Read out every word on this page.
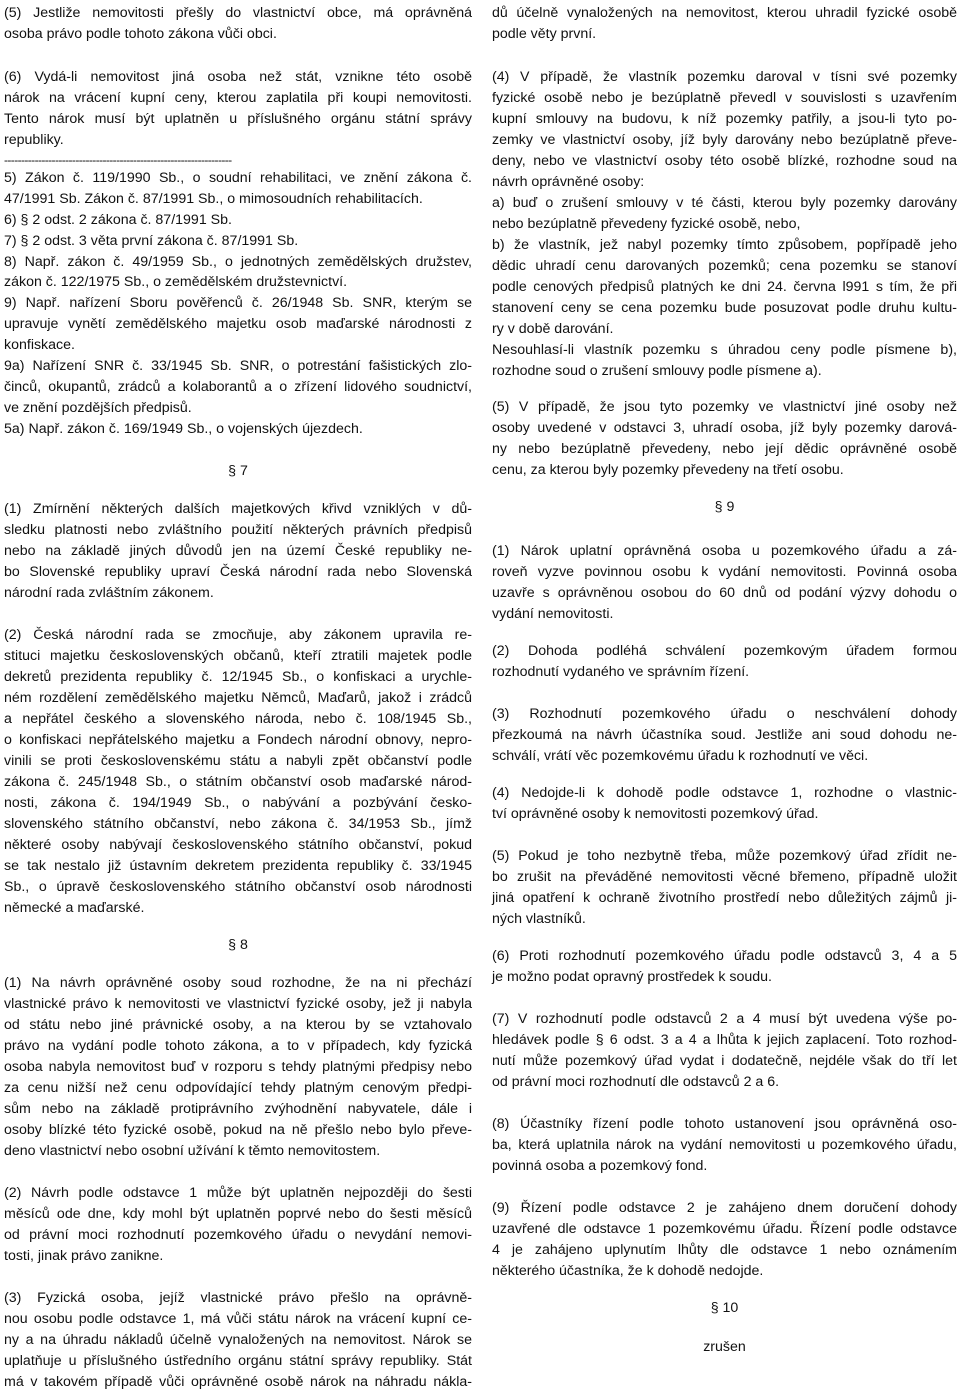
(5) Jestliže nemovitosti přešly do vlastnictví obce, má oprávněná
osoba právo podle tohoto zákona vůči obci.
(6) Vydá-li nemovitost jiná osoba než stát, vznikne této osobě
nárok na vrácení kupní ceny, kterou zaplatila při koupi nemovitosti.
Tento nárok musí být uplatněn u příslušného orgánu státní správy
republiky.
-------------------------------------------------------------------
5) Zákon č. 119/1990 Sb., o soudní rehabilitaci, ve znění zákona č.
47/1991 Sb. Zákon č. 87/1991 Sb., o mimosoudních rehabilitacích.
6) § 2 odst. 2 zákona č. 87/1991 Sb.
7) § 2 odst. 3 věta první zákona č. 87/1991 Sb.
8) Např. zákon č. 49/1959 Sb., o jednotných zemědělských družstev,
zákon č. 122/1975 Sb., o zemědělském družstevnictví.
9) Např. nařízení Sboru pověřenců č. 26/1948 Sb. SNR, kterým se
upravuje vynětí zemědělského majetku osob maďarské národnosti z
konfiskace.
9a) Nařízení SNR č. 33/1945 Sb. SNR, o potrestání fašistických zlo-
činců, okupantů, zrádců a kolaborantů a o zřízení lidového soudnictví,
ve znění pozdějších předpisů.
5a) Např. zákon č. 169/1949 Sb., o vojenských újezdech.
§ 7
(1) Zmírnění některých dalších majetkových křivd vzniklých v dů-
sledku platnosti nebo zvláštního použití některých právních předpisů
nebo na základě jiných důvodů jen na území České republiky ne-
bo Slovenské republiky upraví Česká národní rada nebo Slovenská
národní rada zvláštním zákonem.
(2) Česká národní rada se zmocňuje, aby zákonem upravila re-
stituci majetku československých občanů, kteří ztratili majetek podle
dekretů prezidenta republiky č. 12/1945 Sb., o konfiskaci a urychle-
ném rozdělení zemědělského majetku Němců, Maďarů, jakož i zrádců
a nepřátel českého a slovenského národa, nebo č. 108/1945 Sb.,
o konfiskaci nepřátelského majetku a Fondech národní obnovy, nepro-
vinili se proti československému státu a nabyli zpět občanství podle
zákona č. 245/1948 Sb., o státním občanství osob maďarské národ-
nosti, zákona č. 194/1949 Sb., o nabývání a pozbývání česko-
slovenského státního občanství, nebo zákona č. 34/1953 Sb., jímž
některé osoby nabývají československého státního občanství, pokud
se tak nestalo již ústavním dekretem prezidenta republiky č. 33/1945
Sb., o úpravě československého státního občanství osob národnosti
německé a maďarské.
§ 8
(1) Na návrh oprávněné osoby soud rozhodne, že na ni přechází
vlastnické právo k nemovitosti ve vlastnictví fyzické osoby, jež ji nabyla
od státu nebo jiné právnické osoby, a na kterou by se vztahovalo
právo na vydání podle tohoto zákona, a to v případech, kdy fyzická
osoba nabyla nemovitost buď v rozporu s tehdy platnými předpisy nebo
za cenu nižší než cenu odpovídající tehdy platným cenovým předpi-
sům nebo na základě protiprávního zvýhodnění nabyvatele, dále i
osoby blízké této fyzické osobě, pokud na ně přešlo nebo bylo převe-
deno vlastnictví nebo osobní užívání k těmto nemovitostem.
(2) Návrh podle odstavce 1 může být uplatněn nejpozději do šesti
měsíců ode dne, kdy mohl být uplatněn poprvé nebo do šesti měsíců
od právní moci rozhodnutí pozemkového úřadu o nevydání nemovi-
tosti, jinak právo zanikne.
(3) Fyzická osoba, jejíž vlastnické právo přešlo na oprávně-
nou osobu podle odstavce 1, má vůči státu nárok na vrácení kupní ce-
ny a na úhradu nákladů účelně vynaložených na nemovitost. Nárok se
uplatňuje u příslušného ústředního orgánu státní správy republiky. Stát
má v takovém případě vůči oprávněné osobě nárok na náhradu nákla-
dů účelně vynaložených na nemovitost, kterou uhradil fyzické osobě
podle věty první.
(4) V případě, že vlastník pozemku daroval v tísni své pozemky
fyzické osobě nebo je bezúplatně převedl v souvislosti s uzavřením
kupní smlouvy na budovu, k níž pozemky patřily, a jsou-li tyto po-
zemky ve vlastnictví osoby, jíž byly darovány nebo bezúplatně převe-
deny, nebo ve vlastnictví osoby této osobě blízké, rozhodne soud na
návrh oprávněné osoby:
a) buď o zrušení smlouvy v té části, kterou byly pozemky darovány
nebo bezúplatně převedeny fyzické osobě, nebo,
b) že vlastník, jež nabyl pozemky tímto způsobem, popřípadě jeho
dědic uhradí cenu darovaných pozemků; cena pozemku se stanoví
podle cenových předpisů platných ke dni 24. června l991 s tím, že při
stanovení ceny se cena pozemku bude posuzovat podle druhu kultu-
ry v době darování.
Nesouhlasí-li vlastník pozemku s úhradou ceny podle písmene b),
rozhodne soud o zrušení smlouvy podle písmene a).
(5) V případě, že jsou tyto pozemky ve vlastnictví jiné osoby než
osoby uvedené v odstavci 3, uhradí osoba, jíž byly pozemky darová-
ny nebo bezúplatně převedeny, nebo její dědic oprávněné osobě
cenu, za kterou byly pozemky převedeny na třetí osobu.
§ 9
(1) Nárok uplatní oprávněná osoba u pozemkového úřadu a zá-
roveň vyzve povinnou osobu k vydání nemovitosti. Povinná osoba
uzavře s oprávněnou osobou do 60 dnů od podání výzvy dohodu o
vydání nemovitosti.
(2) Dohoda podléhá schválení pozemkovým úřadem formou
rozhodnutí vydaného ve správním řízení.
(3) Rozhodnutí pozemkového úřadu o neschválení dohody
přezkoumá na návrh účastníka soud. Jestliže ani soud dohodu ne-
schválí, vrátí věc pozemkovému úřadu k rozhodnutí ve věci.
(4) Nedojde-li k dohodě podle odstavce 1, rozhodne o vlastnic-
tví oprávněné osoby k nemovitosti pozemkový úřad.
(5) Pokud je toho nezbytně třeba, může pozemkový úřad zřídit ne-
bo zrušit na převáděné nemovitosti věcné břemeno, případně uložit
jiná opatření k ochraně životního prostředí nebo důležitých zájmů ji-
ných vlastníků.
(6) Proti rozhodnutí pozemkového úřadu podle odstavců 3, 4 a 5
je možno podat opravný prostředek k soudu.
(7) V rozhodnutí podle odstavců 2 a 4 musí být uvedena výše po-
hledávek podle § 6 odst. 3 a 4 a lhůta k jejich zaplacení. Toto rozhod-
nutí může pozemkový úřad vydat i dodatečně, nejdéle však do tří let
od právní moci rozhodnutí dle odstavců 2 a 6.
(8) Účastníky řízení podle tohoto ustanovení jsou oprávněná oso-
ba, která uplatnila nárok na vydání nemovitosti u pozemkového úřadu,
povinná osoba a pozemkový fond.
(9) Řízení podle odstavce 2 je zahájeno dnem doručení dohody
uzavřené dle odstavce 1 pozemkovému úřadu. Řízení podle odstavce
4 je zahájeno uplynutím lhůty dle odstavce 1 nebo oznámením
některého účastníka, že k dohodě nedojde.
§ 10
zrušen
